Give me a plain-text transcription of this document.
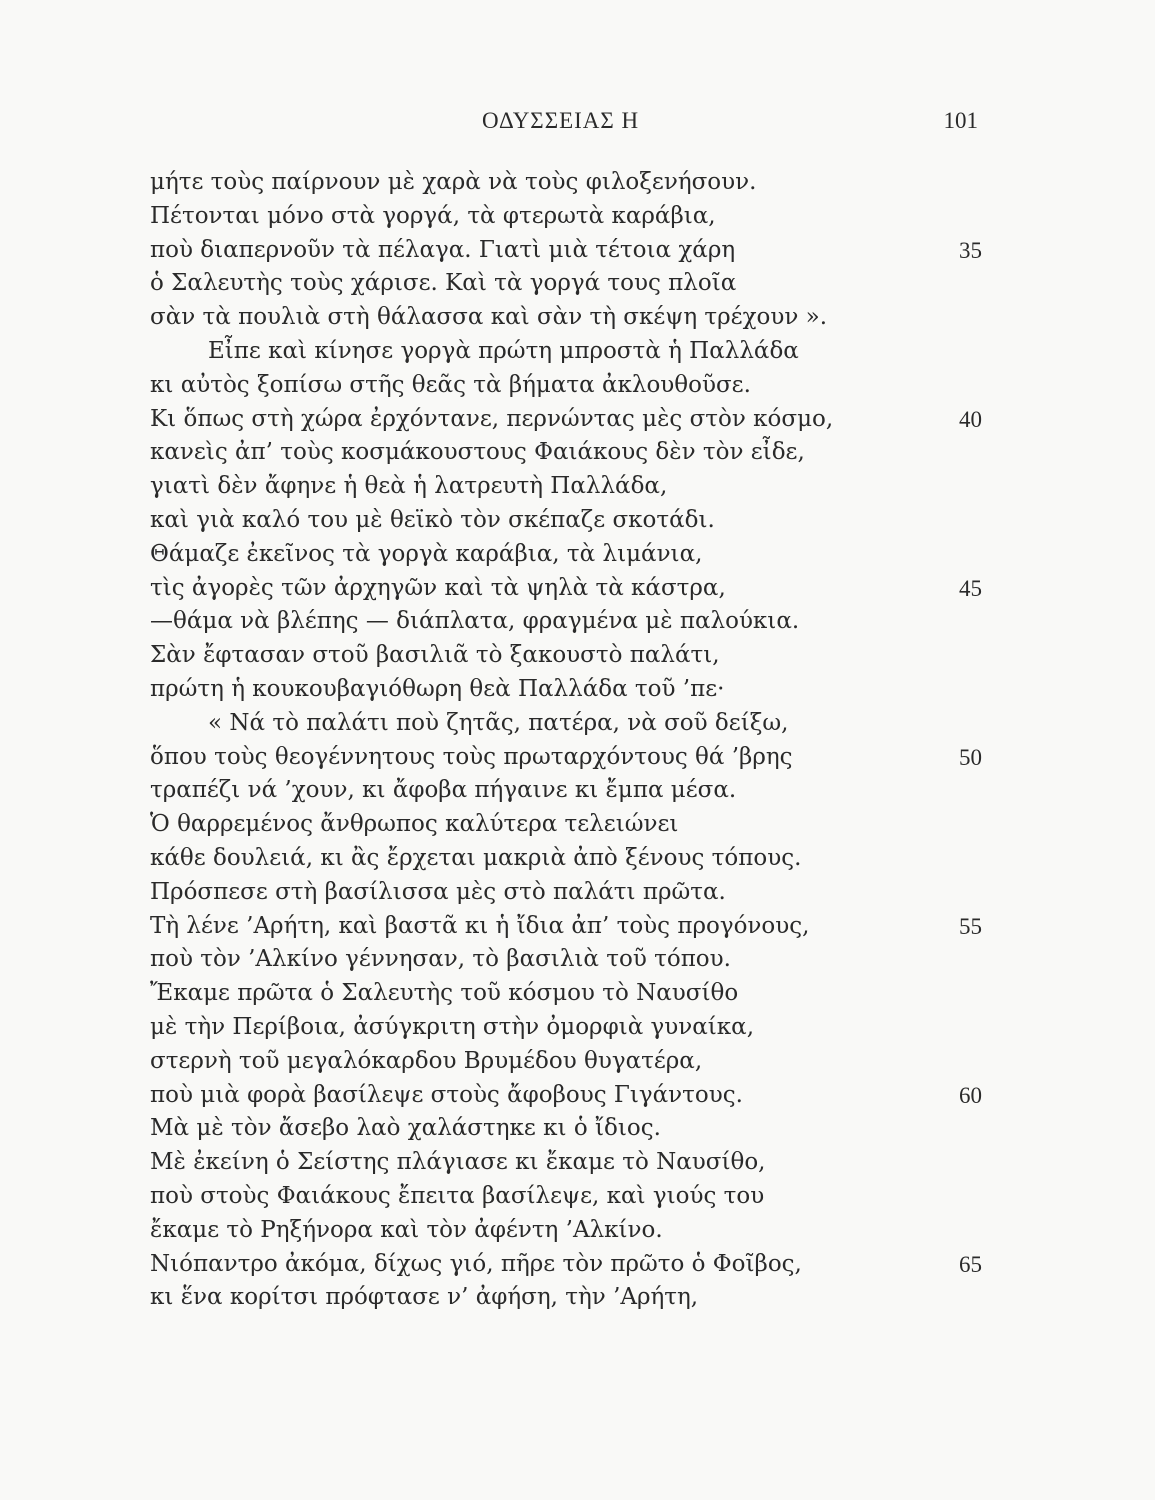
ΟΔΥΣΣΕΙΑΣ Η	101
μήτε τοὺς παίρνουν μὲ χαρὰ νὰ τοὺς φιλοξενήσουν.
Πέτονται μόνο στὰ γοργά, τὰ φτερωτὰ καράβια,
ποὺ διαπερνοῦν τὰ πέλαγα. Γιατὶ μιὰ τέτοια χάρη	35
ὁ Σαλευτὴς τοὺς χάρισε. Καὶ τὰ γοργά τους πλοῖα
σὰν τὰ πουλιὰ στὴ θάλασσα καὶ σὰν τὴ σκέψη τρέχουν ».
Εἶπε καὶ κίνησε γοργὰ πρώτη μπροστὰ ἡ Παλλάδα
κι αὐτὸς ξοπίσω στῆς θεᾶς τὰ βήματα ἀκλουθοῦσε.
Κι ὅπως στὴ χώρα ἐρχόντανε, περνώντας μὲς στὸν κόσμο,	40
κανεὶς ἀπ’ τοὺς κοσμάκουστους Φαιάκους δὲν τὸν εἶδε,
γιατὶ δὲν ἄφηνε ἡ θεὰ ἡ λατρευτὴ Παλλάδα,
καὶ γιὰ καλό του μὲ θεϊκὸ τὸν σκέπαζε σκοτάδι.
Θάμαζε ἐκεῖνος τὰ γοργὰ καράβια, τὰ λιμάνια,
τὶς ἀγορὲς τῶν ἀρχηγῶν καὶ τὰ ψηλὰ τὰ κάστρα,	45
—θάμα νὰ βλέπης — διάπλατα, φραγμένα μὲ παλούκια.
Σὰν ἔφτασαν στοῦ βασιλιᾶ τὸ ξακουστὸ παλάτι,
πρώτη ἡ κουκουβαγιόθωρη θεὰ Παλλάδα τοῦ ’πε·
« Νά τὸ παλάτι ποὺ ζητᾶς, πατέρα, νὰ σοῦ δείξω,
ὅπου τοὺς θεογέννητους τοὺς πρωταρχόντους θά ’βρης	50
τραπέζι νά ’χουν, κι ἄφοβα πήγαινε κι ἔμπα μέσα.
Ὁ θαρρεμένος ἄνθρωπος καλύτερα τελειώνει
κάθε δουλειά, κι ἂς ἔρχεται μακριὰ ἀπὸ ξένους τόπους.
Πρόσπεσε στὴ βασίλισσα μὲς στὸ παλάτι πρῶτα.
Τὴ λένε ’Αρήτη, καὶ βαστᾶ κι ἡ ἴδια ἀπ’ τοὺς προγόνους,	55
ποὺ τὸν ’Αλκίνο γέννησαν, τὸ βασιλιὰ τοῦ τόπου.
Ἔκαμε πρῶτα ὁ Σαλευτὴς τοῦ κόσμου τὸ Ναυσίθο
μὲ τὴν Περίβοια, ἀσύγκριτη στὴν ὀμορφιὰ γυναίκα,
στερνὴ τοῦ μεγαλόκαρδου Βρυμέδου θυγατέρα,
ποὺ μιὰ φορὰ βασίλεψε στοὺς ἄφοβους Γιγάντους.	60
Μὰ μὲ τὸν ἄσεβο λαὸ χαλάστηκε κι ὁ ἴδιος.
Μὲ ἐκείνη ὁ Σείστης πλάγιασε κι ἔκαμε τὸ Ναυσίθο,
ποὺ στοὺς Φαιάκους ἔπειτα βασίλεψε, καὶ γιούς του
ἔκαμε τὸ Ρηξήνορα καὶ τὸν ἀφέντη ’Αλκίνο.
Νιόπαντρο ἀκόμα, δίχως γιό, πῆρε τὸν πρῶτο ὁ Φοῖβος,	65
κι ἕνα κορίτσι πρόφτασε ν’ ἀφήση, τὴν ’Αρήτη,
